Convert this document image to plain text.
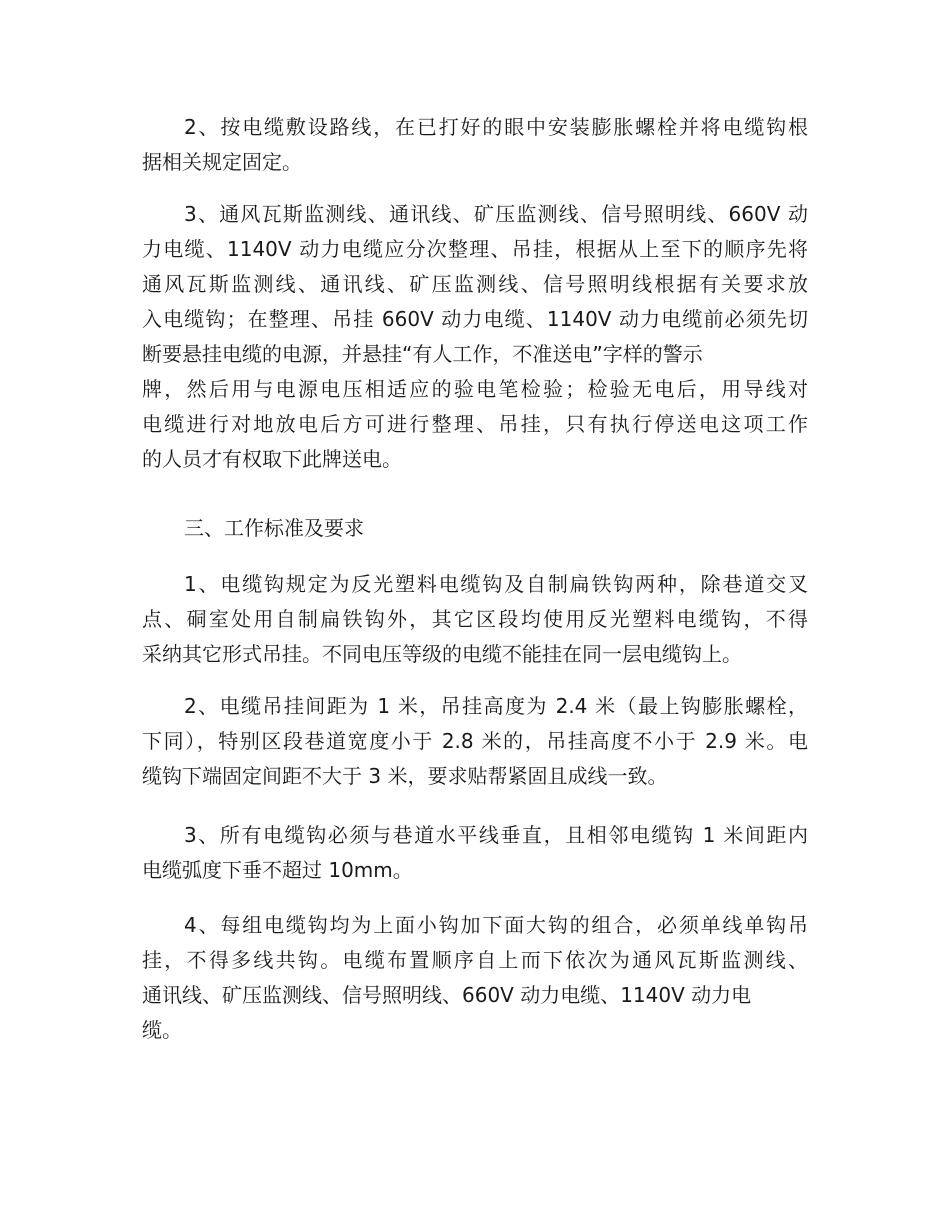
2、按电缆敷设路线，在已打好的眼中安装膨胀螺栓并将电缆钩根
据相关规定固定。
3、通风瓦斯监测线、通讯线、矿压监测线、信号照明线、660V 动
力电缆、1140V 动力电缆应分次整理、吊挂，根据从上至下的顺序先将
通风瓦斯监测线、通讯线、矿压监测线、信号照明线根据有关要求放
入电缆钩；在整理、吊挂 660V 动力电缆、1140V 动力电缆前必须先切
断要悬挂电缆的电源，并悬挂“有人工作，不准送电”字样的警示
牌，然后用与电源电压相适应的验电笔检验；检验无电后，用导线对
电缆进行对地放电后方可进行整理、吊挂，只有执行停送电这项工作
的人员才有权取下此牌送电。
三、工作标准及要求
1、电缆钩规定为反光塑料电缆钩及自制扁铁钩两种，除巷道交叉
点、硐室处用自制扁铁钩外，其它区段均使用反光塑料电缆钩，不得
采纳其它形式吊挂。不同电压等级的电缆不能挂在同一层电缆钩上。
2、电缆吊挂间距为 1 米，吊挂高度为 2.4 米（最上钩膨胀螺栓，
下同），特别区段巷道宽度小于 2.8 米的，吊挂高度不小于 2.9 米。电
缆钩下端固定间距不大于 3 米，要求贴帮紧固且成线一致。
3、所有电缆钩必须与巷道水平线垂直，且相邻电缆钩 1 米间距内
电缆弧度下垂不超过 10mm。
4、每组电缆钩均为上面小钩加下面大钩的组合，必须单线单钩吊
挂，不得多线共钩。电缆布置顺序自上而下依次为通风瓦斯监测线、
通讯线、矿压监测线、信号照明线、660V 动力电缆、1140V 动力电
缆。
